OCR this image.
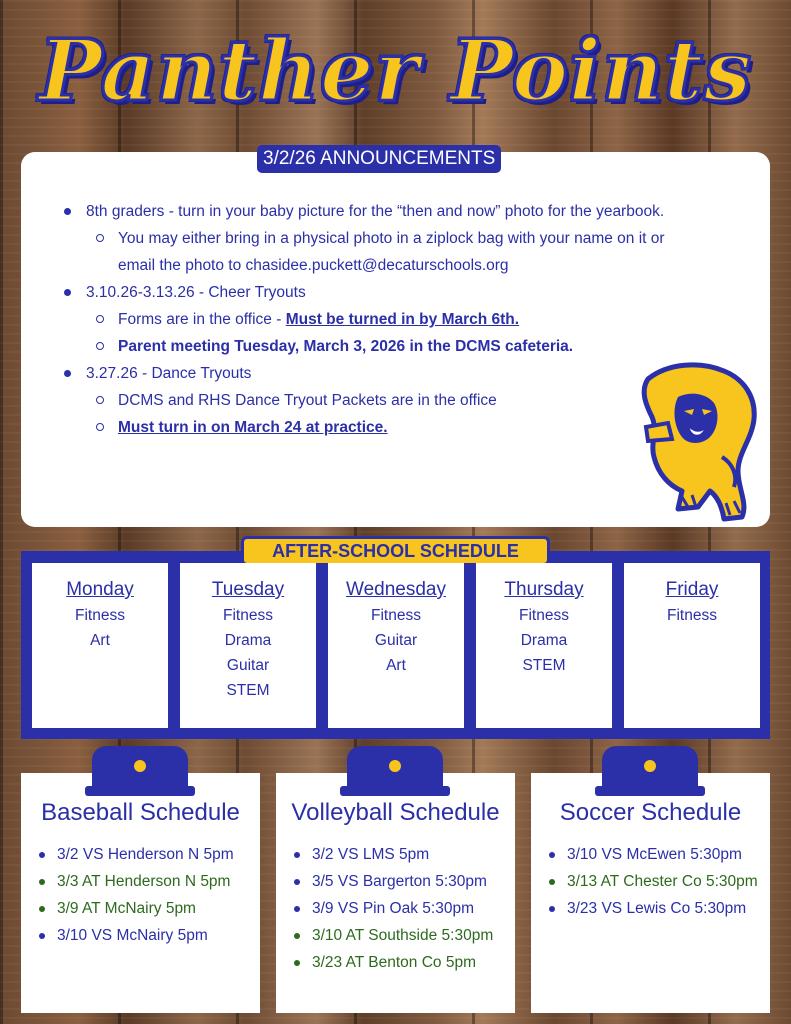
Panther Points
3/2/26 ANNOUNCEMENTS
8th graders - turn in your baby picture for the “then and now” photo for the yearbook.
You may either bring in a physical photo in a ziplock bag with your name on it or
email the photo to chasidee.puckett@decaturschools.org
3.10.26-3.13.26 - Cheer Tryouts
Forms are in the office - Must be turned in by March 6th.
Parent meeting Tuesday, March 3, 2026 in the DCMS cafeteria.
3.27.26 - Dance Tryouts
DCMS and RHS Dance Tryout Packets are in the office
Must turn in on March 24 at practice.
AFTER-SCHOOL SCHEDULE
Monday
Fitness
Art
Tuesday
Fitness
Drama
Guitar
STEM
Wednesday
Fitness
Guitar
Art
Thursday
Fitness
Drama
STEM
Friday
Fitness
Baseball Schedule
3/2 VS Henderson N 5pm
3/3 AT Henderson N 5pm
3/9 AT McNairy 5pm
3/10 VS McNairy 5pm
Volleyball Schedule
3/2 VS LMS 5pm
3/5 VS Bargerton 5:30pm
3/9 VS Pin Oak 5:30pm
3/10 AT Southside 5:30pm
3/23 AT Benton Co 5pm
Soccer Schedule
3/10 VS McEwen 5:30pm
3/13 AT Chester Co 5:30pm
3/23 VS Lewis Co 5:30pm
